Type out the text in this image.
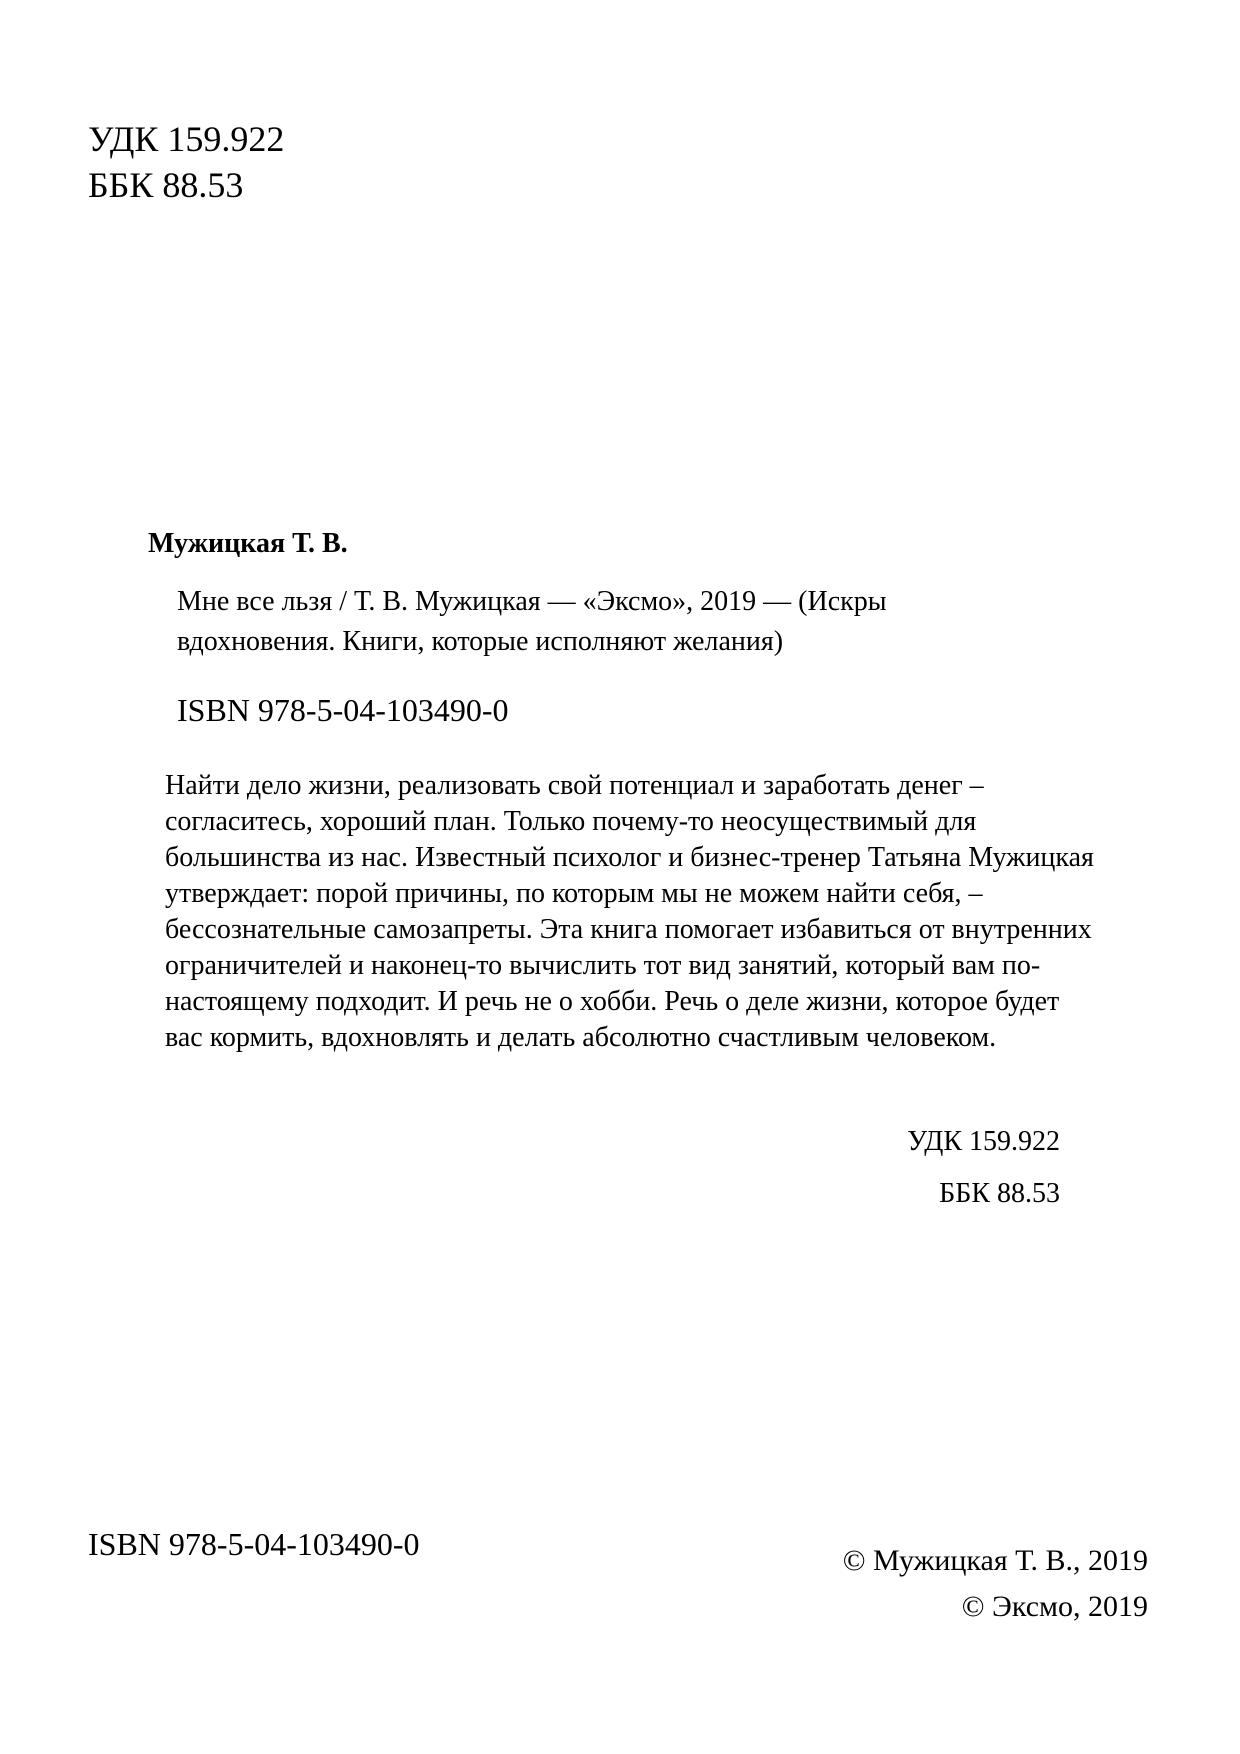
УДК 159.922
ББК 88.53
Мужицкая Т. В.
Мне все льзя / Т. В. Мужицкая — «Эксмо», 2019 — (Искры
вдохновения. Книги, которые исполняют желания)
ISBN 978-5-04-103490-0

Найти дело жизни, реализовать свой потенциал и заработать денег –
согласитесь, хороший план. Только почему-то неосуществимый для
большинства из нас. Известный психолог и бизнес-тренер Татьяна Мужицкая
утверждает: порой причины, по которым мы не можем найти себя, –
бессознательные самозапреты. Эта книга помогает избавиться от внутренних
ограничителей и наконец-то вычислить тот вид занятий, который вам по-
настоящему подходит. И речь не о хобби. Речь о деле жизни, которое будет
вас кормить, вдохновлять и делать абсолютно счастливым человеком.

УДК 159.922
ББК 88.53
ISBN 978-5-04-103490-0	© Мужицкая Т. В., 2019
© Эксмо, 2019
